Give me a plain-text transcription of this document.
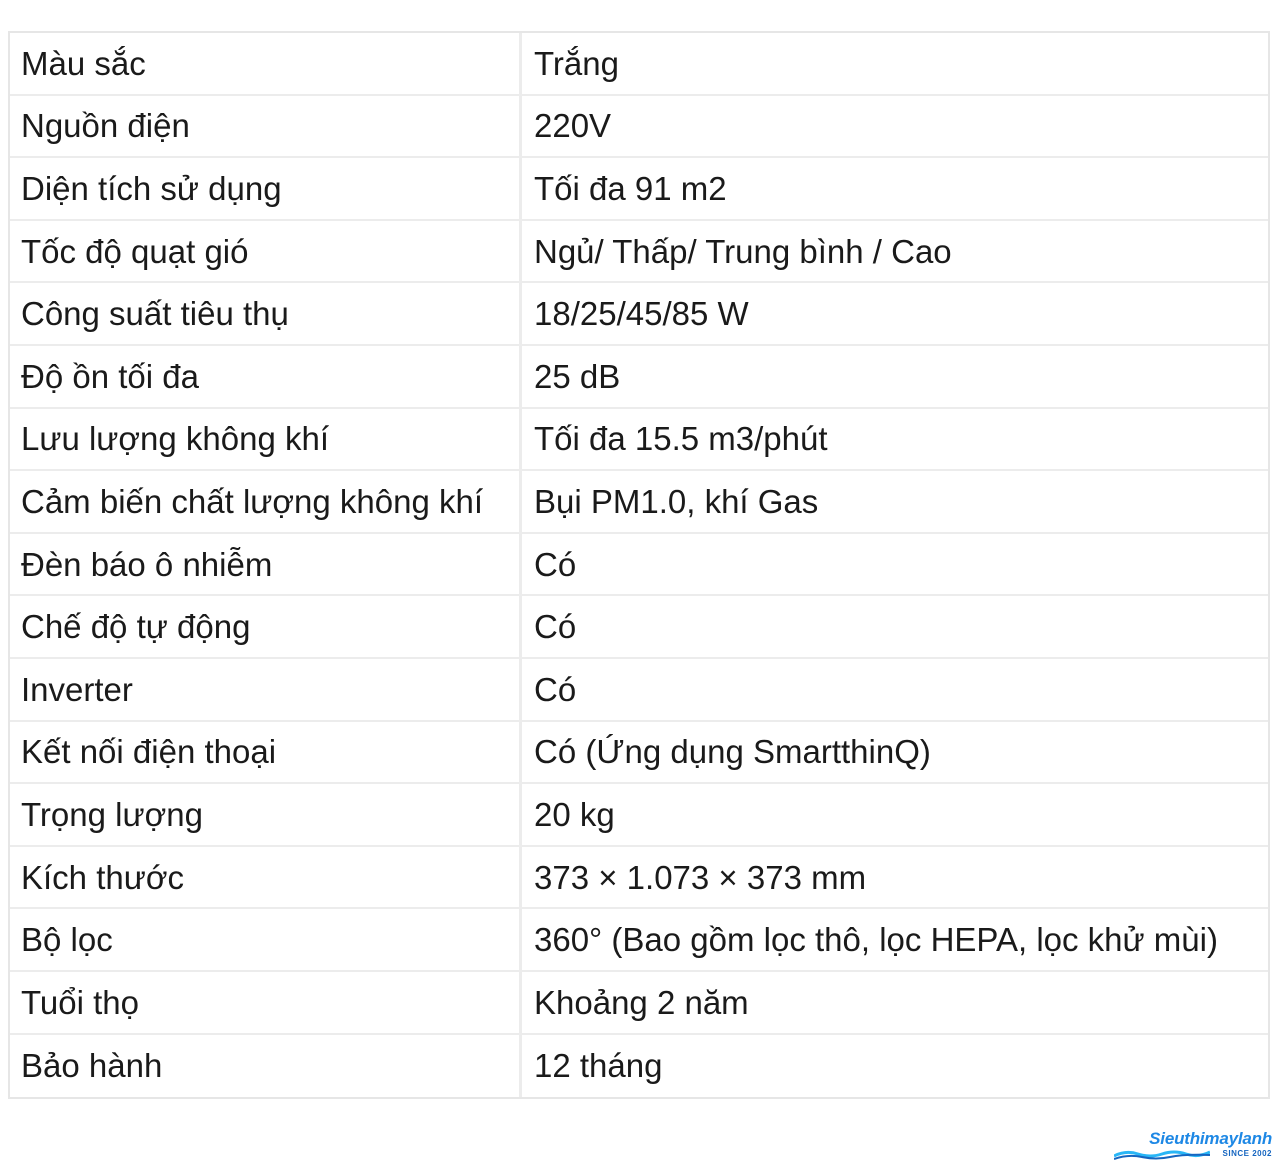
Màu sắc	Trắng
Nguồn điện	220V
Diện tích sử dụng	Tối đa 91 m2
Tốc độ quạt gió	Ngủ/ Thấp/ Trung bình / Cao
Công suất tiêu thụ	18/25/45/85 W
Độ ồn tối đa	25 dB
Lưu lượng không khí	Tối đa 15.5 m3/phút
Cảm biến chất lượng không khí	Bụi PM1.0, khí Gas
Đèn báo ô nhiễm	Có
Chế độ tự động	Có
Inverter	Có
Kết nối điện thoại	Có (Ứng dụng SmartthinQ)
Trọng lượng	20 kg
Kích thước	373 × 1.073 × 373 mm
Bộ lọc	360° (Bao gồm lọc thô, lọc HEPA, lọc khử mùi)
Tuổi thọ	Khoảng 2 năm
Bảo hành	12 tháng
Sieuthimaylanh
SINCE 2002
